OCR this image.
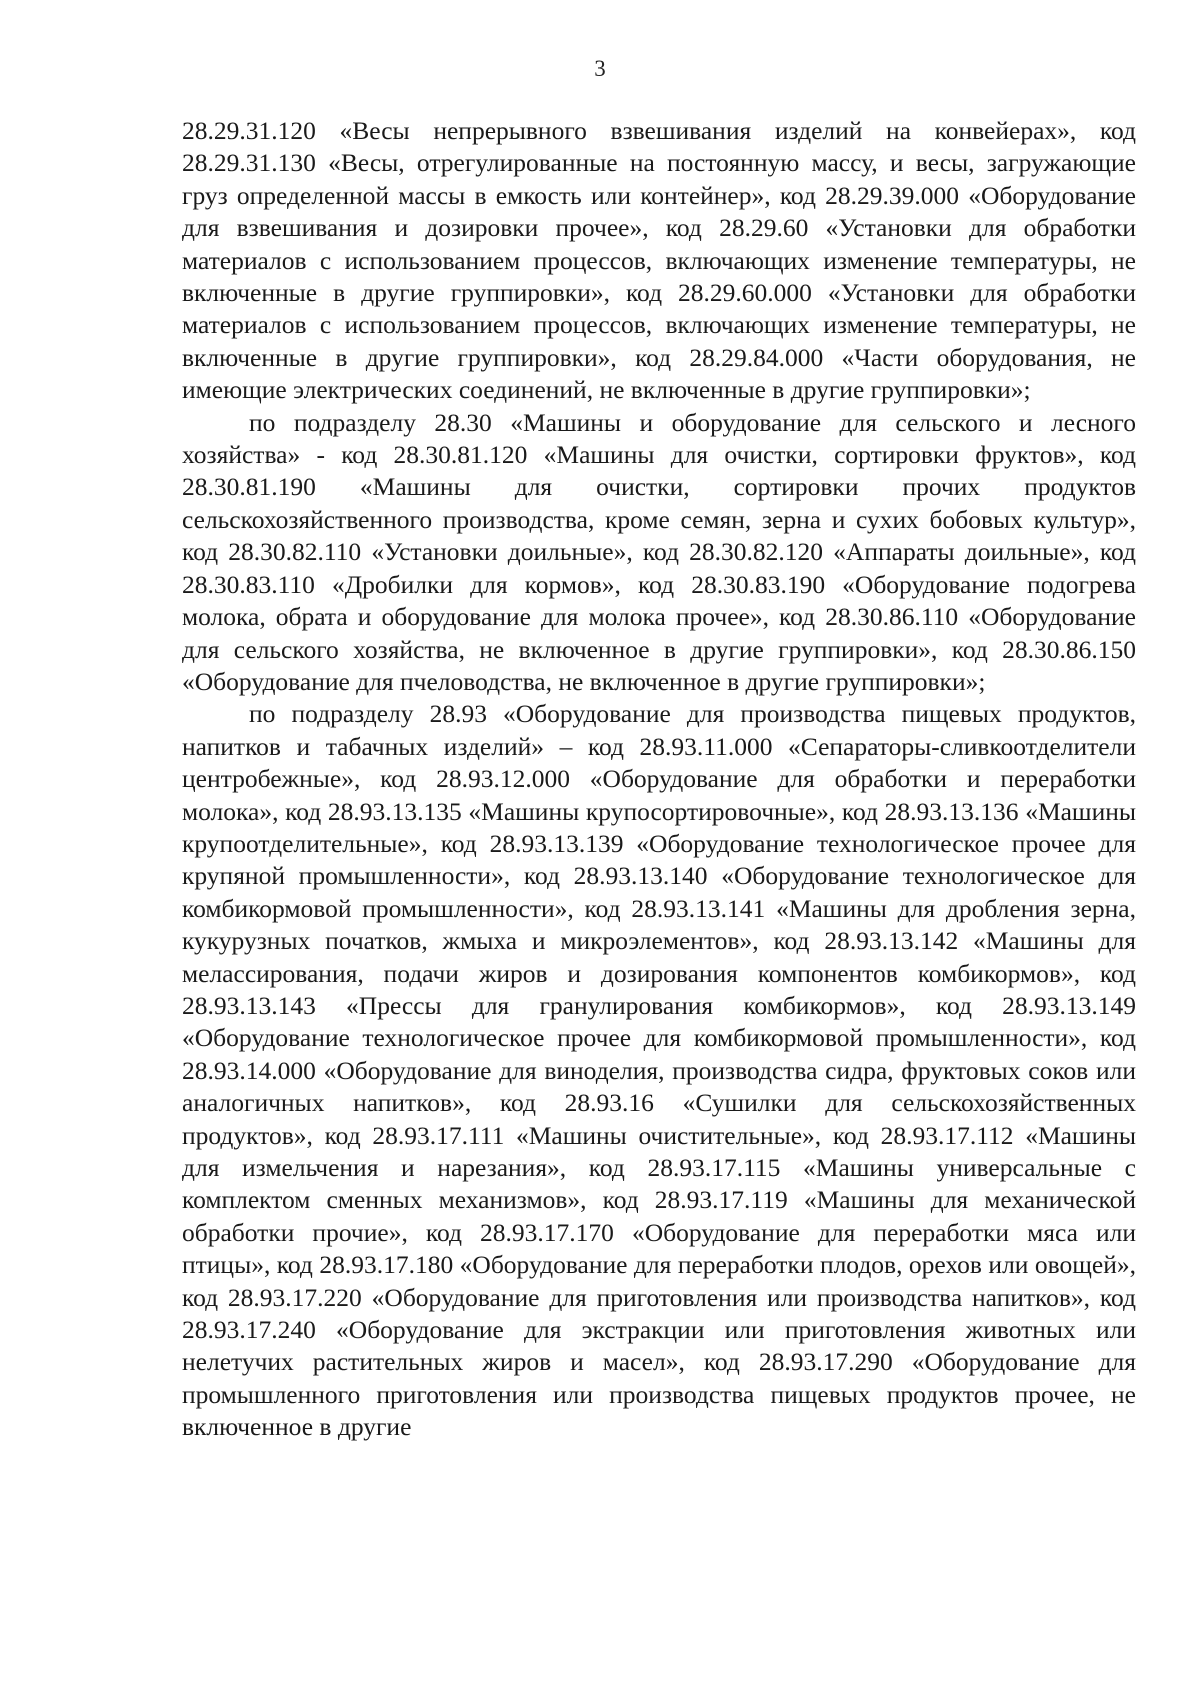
3

28.29.31.120 «Весы непрерывного взвешивания изделий на конвейерах», код 28.29.31.130 «Весы, отрегулированные на постоянную массу, и весы, загружающие груз определенной массы в емкость или контейнер», код 28.29.39.000 «Оборудование для взвешивания и дозировки прочее», код 28.29.60 «Установки для обработки материалов с использованием процессов, включающих изменение температуры, не включенные в другие группировки», код 28.29.60.000 «Установки для обработки материалов с использованием процессов, включающих изменение температуры, не включенные в другие группировки», код 28.29.84.000 «Части оборудования, не имеющие электрических соединений, не включенные в другие группировки»;

по подразделу 28.30 «Машины и оборудование для сельского и лесного хозяйства» - код 28.30.81.120 «Машины для очистки, сортировки фруктов», код 28.30.81.190 «Машины для очистки, сортировки прочих продуктов сельскохозяйственного производства, кроме семян, зерна и сухих бобовых культур», код 28.30.82.110 «Установки доильные», код 28.30.82.120 «Аппараты доильные», код 28.30.83.110 «Дробилки для кормов», код 28.30.83.190 «Оборудование подогрева молока, обрата и оборудование для молока прочее», код 28.30.86.110 «Оборудование для сельского хозяйства, не включенное в другие группировки», код 28.30.86.150 «Оборудование для пчеловодства, не включенное в другие группировки»;

по подразделу 28.93 «Оборудование для производства пищевых продуктов, напитков и табачных изделий» – код 28.93.11.000 «Сепараторы-сливкоотделители центробежные», код 28.93.12.000 «Оборудование для обработки и переработки молока», код 28.93.13.135 «Машины крупосортировочные», код 28.93.13.136 «Машины крупоотделительные», код 28.93.13.139 «Оборудование технологическое прочее для крупяной промышленности», код 28.93.13.140 «Оборудование технологическое для комбикормовой промышленности», код 28.93.13.141 «Машины для дробления зерна, кукурузных початков, жмыха и микроэлементов», код 28.93.13.142 «Машины для мелассирования, подачи жиров и дозирования компонентов комбикормов», код 28.93.13.143 «Прессы для гранулирования комбикормов», код 28.93.13.149 «Оборудование технологическое прочее для комбикормовой промышленности», код 28.93.14.000 «Оборудование для виноделия, производства сидра, фруктовых соков или аналогичных напитков», код 28.93.16 «Сушилки для сельскохозяйственных продуктов», код 28.93.17.111 «Машины очистительные», код 28.93.17.112 «Машины для измельчения и нарезания», код 28.93.17.115 «Машины универсальные с комплектом сменных механизмов», код 28.93.17.119 «Машины для механической обработки прочие», код 28.93.17.170 «Оборудование для переработки мяса или птицы», код 28.93.17.180 «Оборудование для переработки плодов, орехов или овощей», код 28.93.17.220 «Оборудование для приготовления или производства напитков», код 28.93.17.240 «Оборудование для экстракции или приготовления животных или нелетучих растительных жиров и масел», код 28.93.17.290 «Оборудование для промышленного приготовления или производства пищевых продуктов прочее, не включенное в другие
